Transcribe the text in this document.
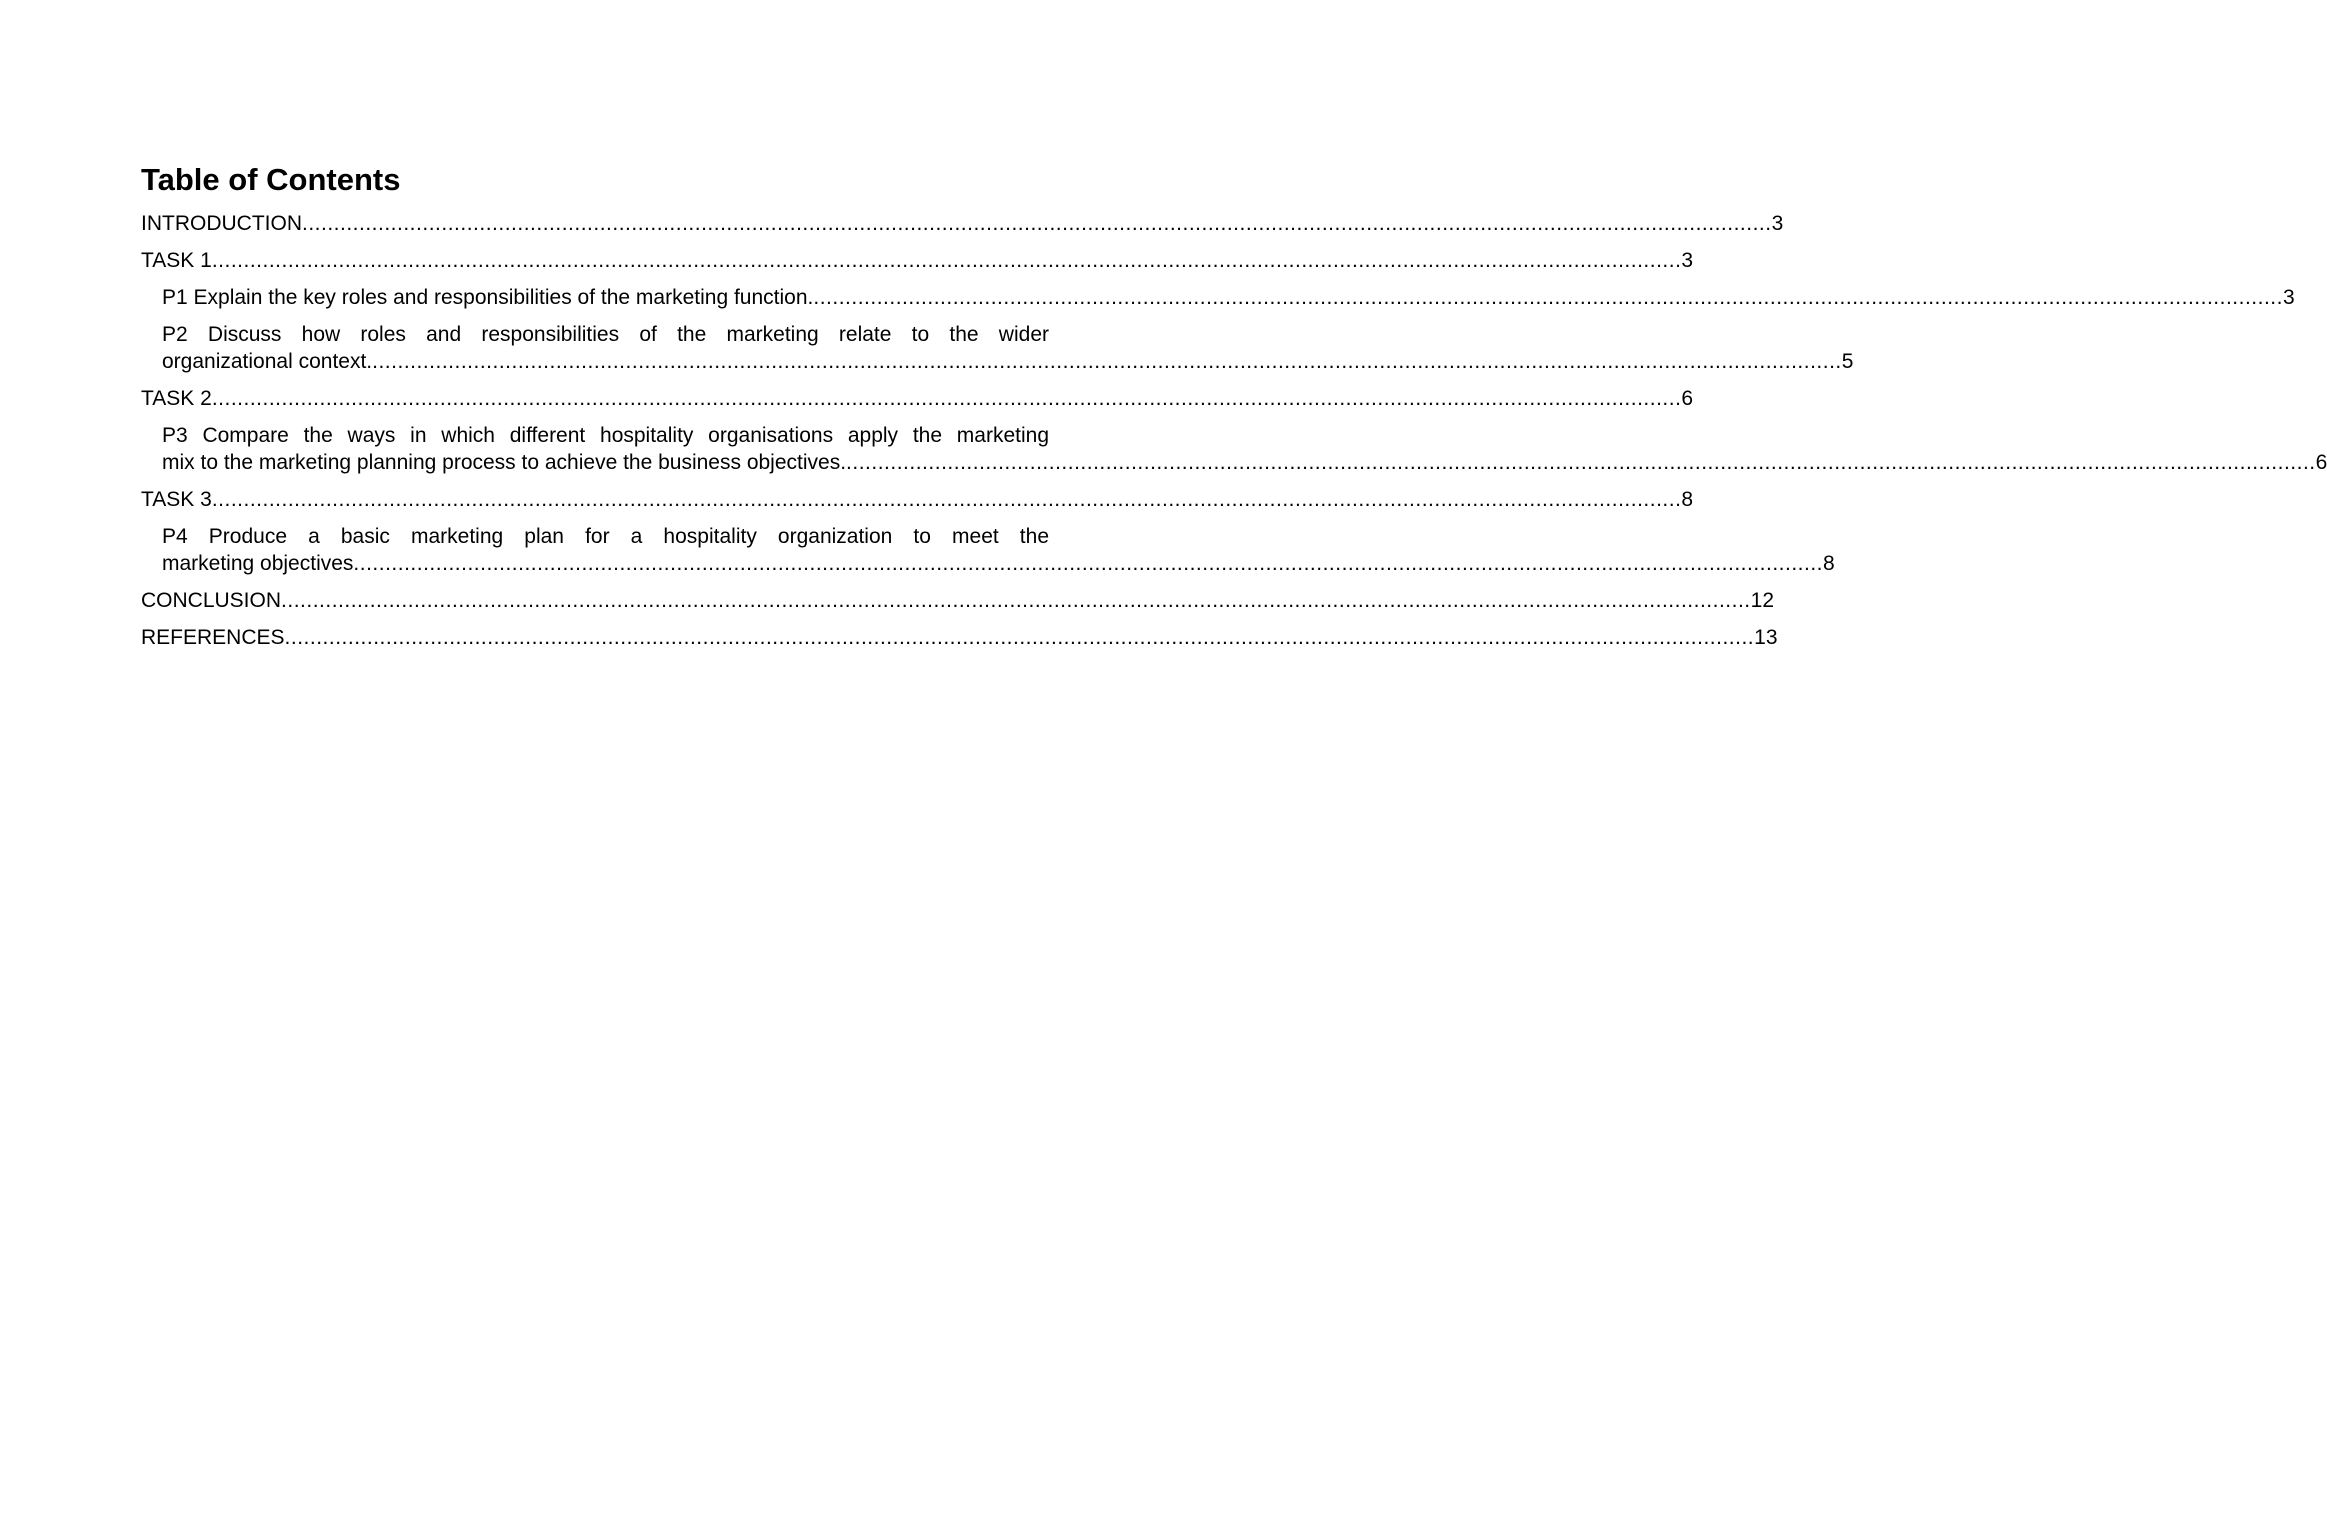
Table of Contents
INTRODUCTION ........................................................................................................................................................................................................................................ 3
TASK 1 ........................................................................................................................................................................................................................................ 3
P1 Explain the key roles and responsibilities of the marketing function. ........................................................................................................................................................................................................................................ 3
P2 Discuss how roles and responsibilities of the marketing relate to the wider
organizational context. ........................................................................................................................................................................................................................................ 5
TASK 2 ........................................................................................................................................................................................................................................ 6
P3 Compare the ways in which different hospitality organisations apply the marketing
mix to the marketing planning process to achieve the business objectives. ........................................................................................................................................................................................................................................ 6
TASK 3 ........................................................................................................................................................................................................................................ 8
P4 Produce a basic marketing plan for a hospitality organization to meet the
marketing objectives ........................................................................................................................................................................................................................................ 8
CONCLUSION ........................................................................................................................................................................................................................................ 12
REFERENCES ........................................................................................................................................................................................................................................ 13
